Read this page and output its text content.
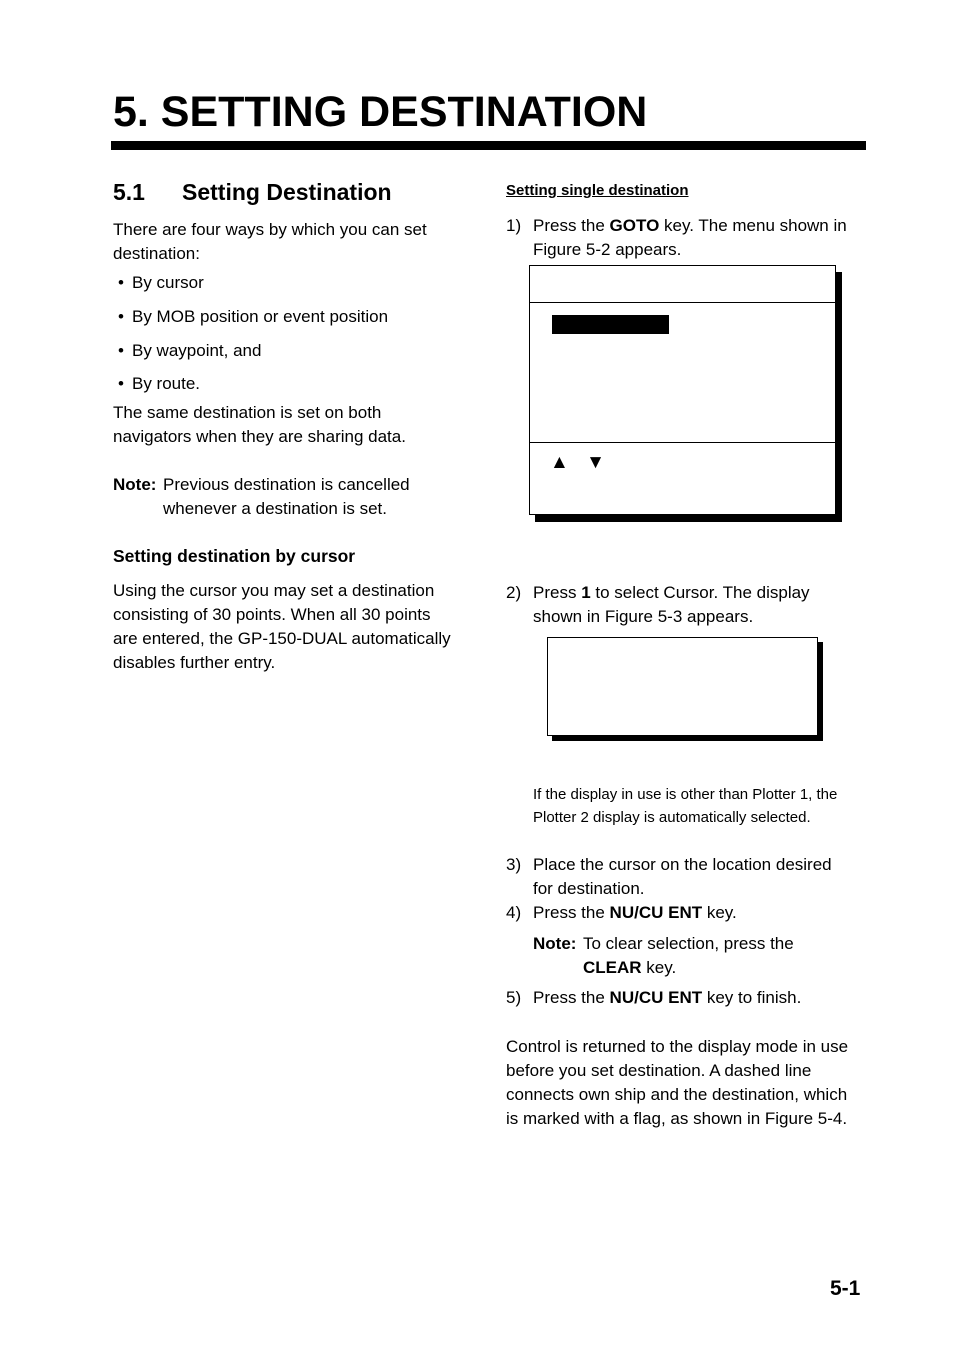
5. SETTING DESTINATION
5.1 Setting Destination
There are four ways by which you can set
destination:
• By cursor
• By MOB position or event position
• By waypoint, and
• By route.
The same destination is set on both
navigators when they are sharing data.
Note: Previous destination is cancelled
whenever a destination is set.
Setting destination by cursor
Using the cursor you may set a destination
consisting of 30 points. When all 30 points
are entered, the GP-150-DUAL automatically
disables further entry.
Setting single destination
1) Press the GOTO key. The menu shown in
Figure 5-2 appears.
▲ ▼
2) Press 1 to select Cursor. The display
shown in Figure 5-3 appears.
If the display in use is other than Plotter 1, the
Plotter 2 display is automatically selected.
3) Place the cursor on the location desired
for destination.
4) Press the NU/CU ENT key.
Note: To clear selection, press the
CLEAR key.
5) Press the NU/CU ENT key to finish.
Control is returned to the display mode in use
before you set destination. A dashed line
connects own ship and the destination, which
is marked with a flag, as shown in Figure 5-4.
5-1
